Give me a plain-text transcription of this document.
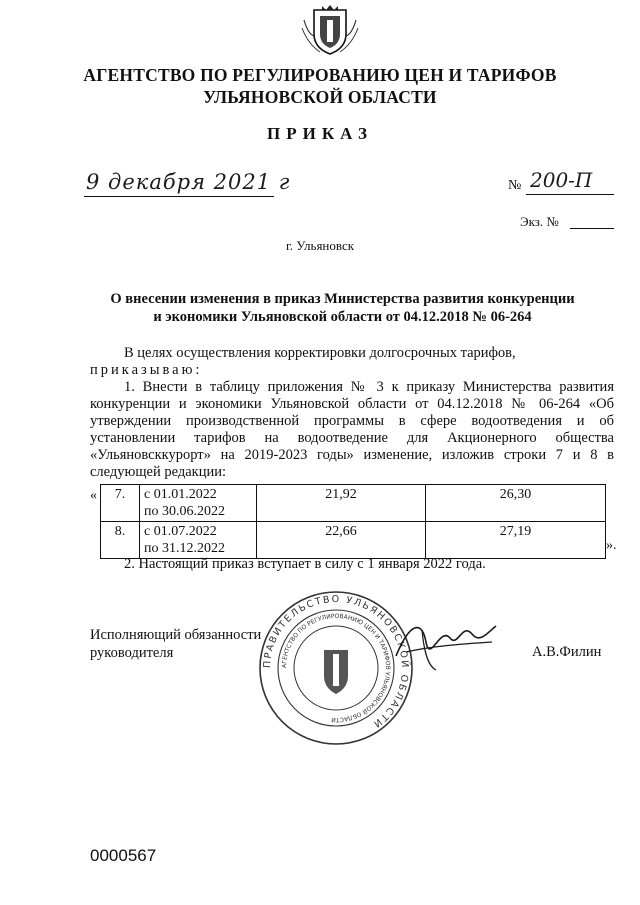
АГЕНТСТВО ПО РЕГУЛИРОВАНИЮ ЦЕН И ТАРИФОВ
УЛЬЯНОВСКОЙ ОБЛАСТИ
ПРИКАЗ
9 декабря 2021 г	№ 200-П
Экз. №
г. Ульяновск
О внесении изменения в приказ Министерства развития конкуренции
и экономики Ульяновской области от 04.12.2018 № 06-264

В целях осуществления корректировки долгосрочных тарифов,

приказываю:

1. Внести в таблицу приложения № 3 к приказу Министерства развития конкуренции и экономики Ульяновской области от 04.12.2018 № 06-264 «Об утверждении производственной программы в сфере водоотведения и об установлении тарифов на водоотведение для Акционерного общества «Ульяновсккурорт» на 2019-2023 годы» изменение, изложив строки 7 и 8 в следующей редакции:

« 7.	с 01.01.2022
по 30.06.2022	21,92	26,30
8.	с 01.07.2022
по 31.12.2022	22,66	27,19
».
2. Настоящий приказ вступает в силу с 1 января 2022 года.
Исполняющий обязанности
руководителя
ПРАВИТЕЛЬСТВО УЛЬЯНОВСКОЙ ОБЛАСТИ
АГЕНТСТВО ПО РЕГУЛИРОВАНИЮ ЦЕН И ТАРИФОВ УЛЬЯНОВСКОЙ ОБЛАСТИ
А.В.Филин
0000567
